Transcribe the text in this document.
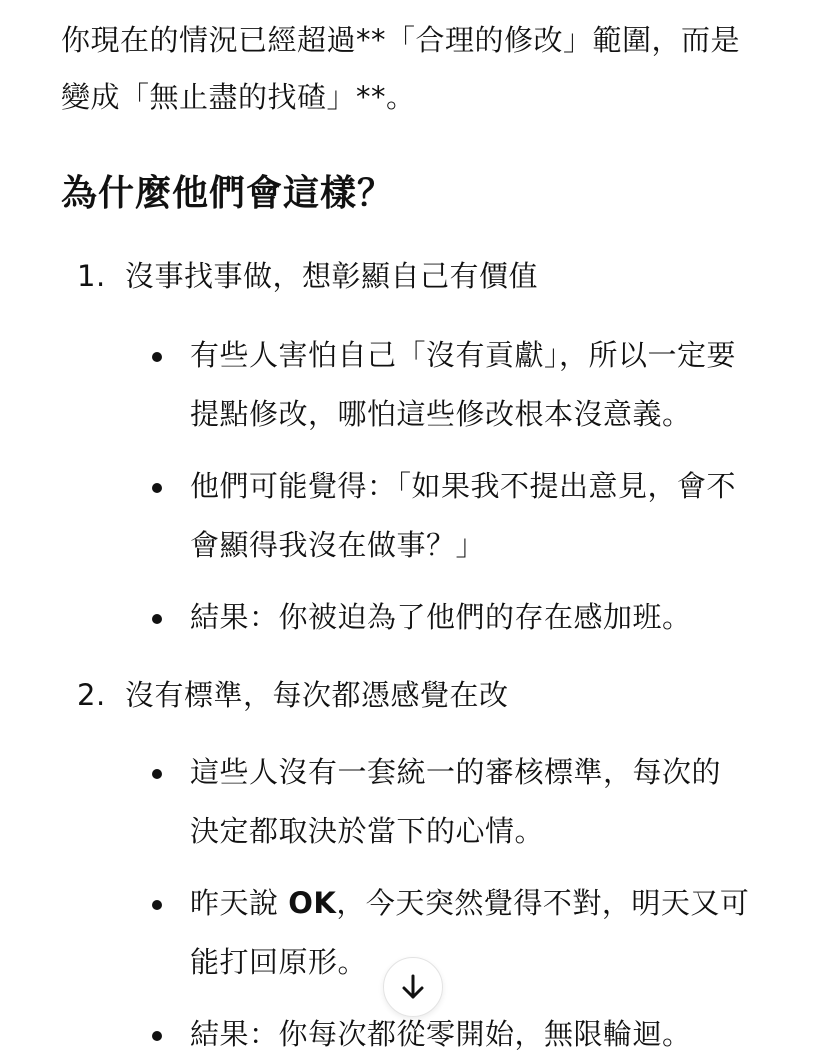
你現在的情況已經超過**「合理的修改」範圍，而是
變成「無止盡的找碴」**。

為什麼他們會這樣？
1. 沒事找事做，想彰顯自己有價值
有些人害怕自己「沒有貢獻」，所以一定要
提點修改，哪怕這些修改根本沒意義。
他們可能覺得：「如果我不提出意見，會不
會顯得我沒在做事？」
結果：你被迫為了他們的存在感加班。
2. 沒有標準，每次都憑感覺在改
這些人沒有一套統一的審核標準，每次的
決定都取決於當下的心情。
昨天說 OK，今天突然覺得不對，明天又可
能打回原形。
結果：你每次都從零開始，無限輪迴。
